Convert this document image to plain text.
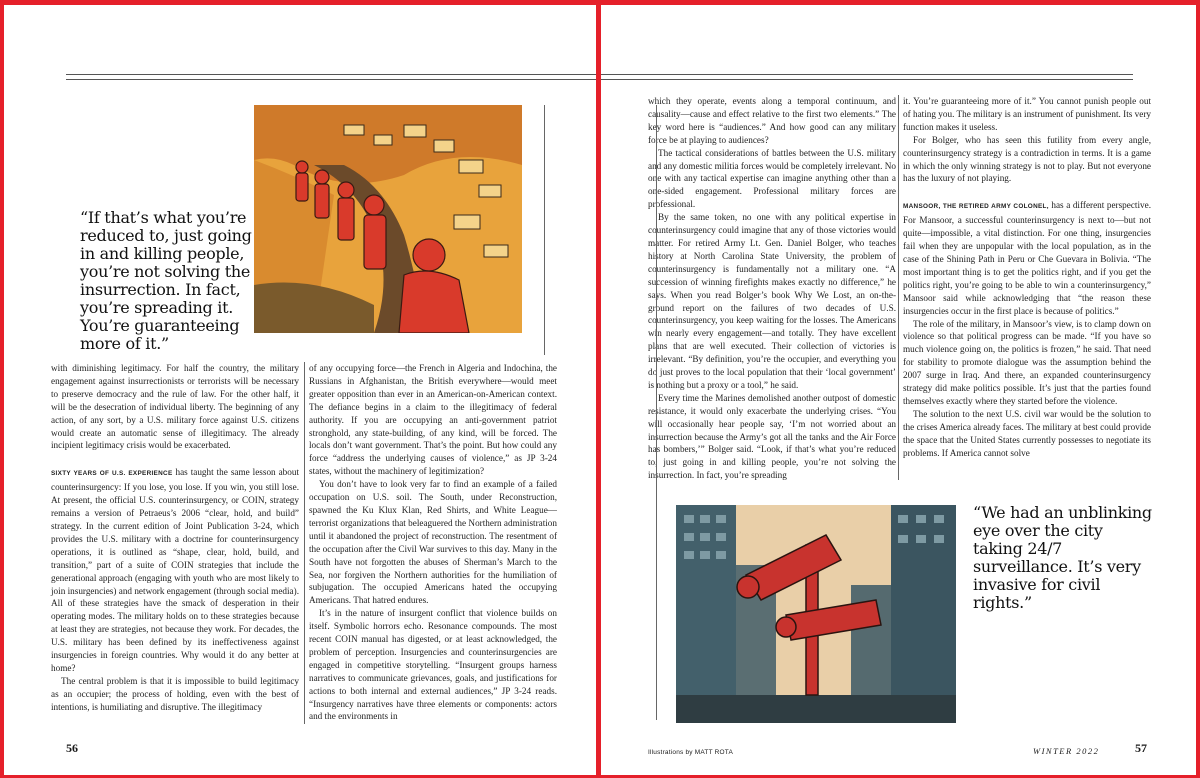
“If that’s what you’re reduced to, just going in and killing people, you’re not solving the insurrection. In fact, you’re spreading it. You’re guaranteeing more of it.”

with diminishing legitimacy. For half the country, the military engagement against insurrectionists or terrorists will be necessary to preserve democracy and the rule of law. For the other half, it will be the desecration of individual liberty. The beginning of any action, of any sort, by a U.S. military force against U.S. citizens would create an automatic sense of illegitimacy. The already incipient legitimacy crisis would be exacerbated.

SIXTY YEARS OF U.S. EXPERIENCE has taught the same lesson about counterinsurgency: If you lose, you lose. If you win, you still lose. At present, the official U.S. counterinsurgency, or COIN, strategy remains a version of Petraeus’s 2006 “clear, hold, and build” strategy. In the current edition of Joint Publication 3-24, which provides the U.S. military with a doctrine for counterinsurgency operations, it is outlined as “shape, clear, hold, build, and transition,” part of a suite of COIN strategies that include the generational approach (engaging with youth who are most likely to join insurgencies) and network engagement (through social media). All of these strategies have the smack of desperation in their operating modes. The military holds on to these strategies because at least they are strategies, not because they work. For decades, the U.S. military has been defined by its ineffectiveness against insurgencies in foreign countries. Why would it do any better at home?

The central problem is that it is impossible to build legitimacy as an occupier; the process of holding, even with the best of intentions, is humiliating and disruptive. The illegitimacy

of any occupying force—the French in Algeria and Indochina, the Russians in Afghanistan, the British everywhere—would meet greater opposition than ever in an American-on-American context. The defiance begins in a claim to the illegitimacy of federal authority. If you are occupying an anti-government patriot stronghold, any state-building, of any kind, will be forced. The locals don’t want government. That’s the point. But how could any force “address the underlying causes of violence,” as JP 3-24 states, without the machinery of legitimization?

You don’t have to look very far to find an example of a failed occupation on U.S. soil. The South, under Reconstruction, spawned the Ku Klux Klan, Red Shirts, and White League—terrorist organizations that beleaguered the Northern administration until it abandoned the project of reconstruction. The resentment of the occupation after the Civil War survives to this day. Many in the South have not forgotten the abuses of Sherman’s March to the Sea, nor forgiven the Northern authorities for the humiliation of subjugation. The occupied Americans hated the occupying Americans. That hatred endures.

It’s in the nature of insurgent conflict that violence builds on itself. Symbolic horrors echo. Resonance compounds. The most recent COIN manual has digested, or at least acknowledged, the problem of perception. Insurgencies and counterinsurgencies are engaged in competitive storytelling. “Insurgent groups harness narratives to communicate grievances, goals, and justifications for actions to both internal and external audiences,” JP 3-24 reads. “Insurgency narratives have three elements or components: actors and the environments in

56

which they operate, events along a temporal continuum, and causality—cause and effect relative to the first two elements.” The key word here is “audiences.” And how good can any military force be at playing to audiences?

The tactical considerations of battles between the U.S. military and any domestic militia forces would be completely irrelevant. No one with any tactical expertise can imagine anything other than a one-sided engagement. Professional military forces are professional.

By the same token, no one with any political expertise in counterinsurgency could imagine that any of those victories would matter. For retired Army Lt. Gen. Daniel Bolger, who teaches history at North Carolina State University, the problem of counterinsurgency is fundamentally not a military one. “A succession of winning firefights makes exactly no difference,” he says. When you read Bolger’s book Why We Lost, an on-the-ground report on the failures of two decades of U.S. counterinsurgency, you keep waiting for the losses. The Americans win nearly every engagement—and totally. They have excellent plans that are well executed. Their collection of victories is irrelevant. “By definition, you’re the occupier, and everything you do just proves to the local population that their ‘local government’ is nothing but a proxy or a tool,” he said.

Every time the Marines demolished another outpost of domestic resistance, it would only exacerbate the underlying crises. “You will occasionally hear people say, ‘I’m not worried about an insurrection because the Army’s got all the tanks and the Air Force has bombers,’” Bolger said. “Look, if that’s what you’re reduced to, just going in and killing people, you’re not solving the insurrection. In fact, you’re spreading

it. You’re guaranteeing more of it.” You cannot punish people out of hating you. The military is an instrument of punishment. Its very function makes it useless.

For Bolger, who has seen this futility from every angle, counterinsurgency strategy is a contradiction in terms. It is a game in which the only winning strategy is not to play. But not everyone has the luxury of not playing.

MANSOOR, THE RETIRED ARMY COLONEL, has a different perspective. For Mansoor, a successful counterinsurgency is next to—but not quite—impossible, a vital distinction. For one thing, insurgencies fail when they are unpopular with the local population, as in the case of the Shining Path in Peru or Che Guevara in Bolivia. “The most important thing is to get the politics right, and if you get the politics right, you’re going to be able to win a counterinsurgency,” Mansoor said while acknowledging that “the reason these insurgencies occur in the first place is because of politics.”

The role of the military, in Mansoor’s view, is to clamp down on violence so that political progress can be made. “If you have so much violence going on, the politics is frozen,” he said. That need for stability to promote dialogue was the assumption behind the 2007 surge in Iraq. And there, an expanded counterinsurgency strategy did make politics possible. It’s just that the parties found themselves exactly where they started before the violence.

The solution to the next U.S. civil war would be the solution to the crises America already faces. The military at best could provide the space that the United States currently possesses to negotiate its problems. If America cannot solve

“We had an unblinking eye over the city taking 24/7 surveillance. It’s very invasive for civil rights.”
Illustrations by MATT ROTA	WINTER 2022	57
